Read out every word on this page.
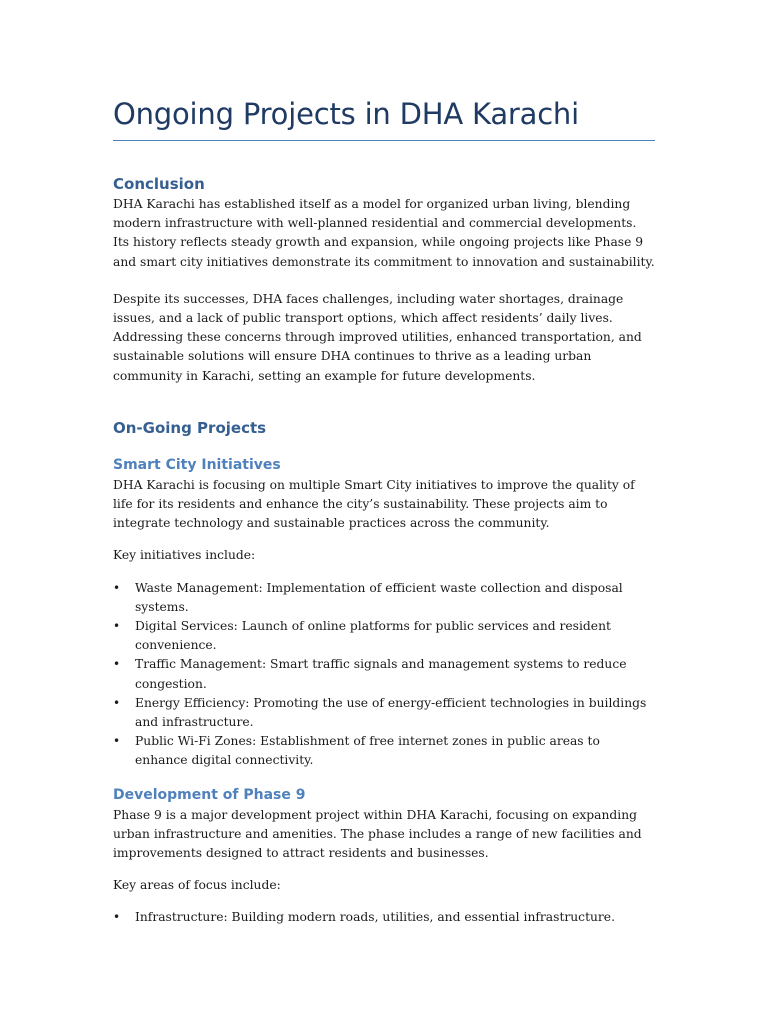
Ongoing Projects in DHA Karachi
Conclusion

DHA Karachi has established itself as a model for organized urban living, blending modern infrastructure with well-planned residential and commercial developments. Its history reflects steady growth and expansion, while ongoing projects like Phase 9 and smart city initiatives demonstrate its commitment to innovation and sustainability.

Despite its successes, DHA faces challenges, including water shortages, drainage issues, and a lack of public transport options, which affect residents’ daily lives. Addressing these concerns through improved utilities, enhanced transportation, and sustainable solutions will ensure DHA continues to thrive as a leading urban community in Karachi, setting an example for future developments.

On-Going Projects
Smart City Initiatives

DHA Karachi is focusing on multiple Smart City initiatives to improve the quality of life for its residents and enhance the city’s sustainability. These projects aim to integrate technology and sustainable practices across the community.

Key initiatives include:

• Waste Management: Implementation of efficient waste collection and disposal systems.
• Digital Services: Launch of online platforms for public services and resident convenience.
• Traffic Management: Smart traffic signals and management systems to reduce congestion.
• Energy Efficiency: Promoting the use of energy-efficient technologies in buildings and infrastructure.
• Public Wi-Fi Zones: Establishment of free internet zones in public areas to enhance digital connectivity.
Development of Phase 9

Phase 9 is a major development project within DHA Karachi, focusing on expanding urban infrastructure and amenities. The phase includes a range of new facilities and improvements designed to attract residents and businesses.

Key areas of focus include:

• Infrastructure: Building modern roads, utilities, and essential infrastructure.
